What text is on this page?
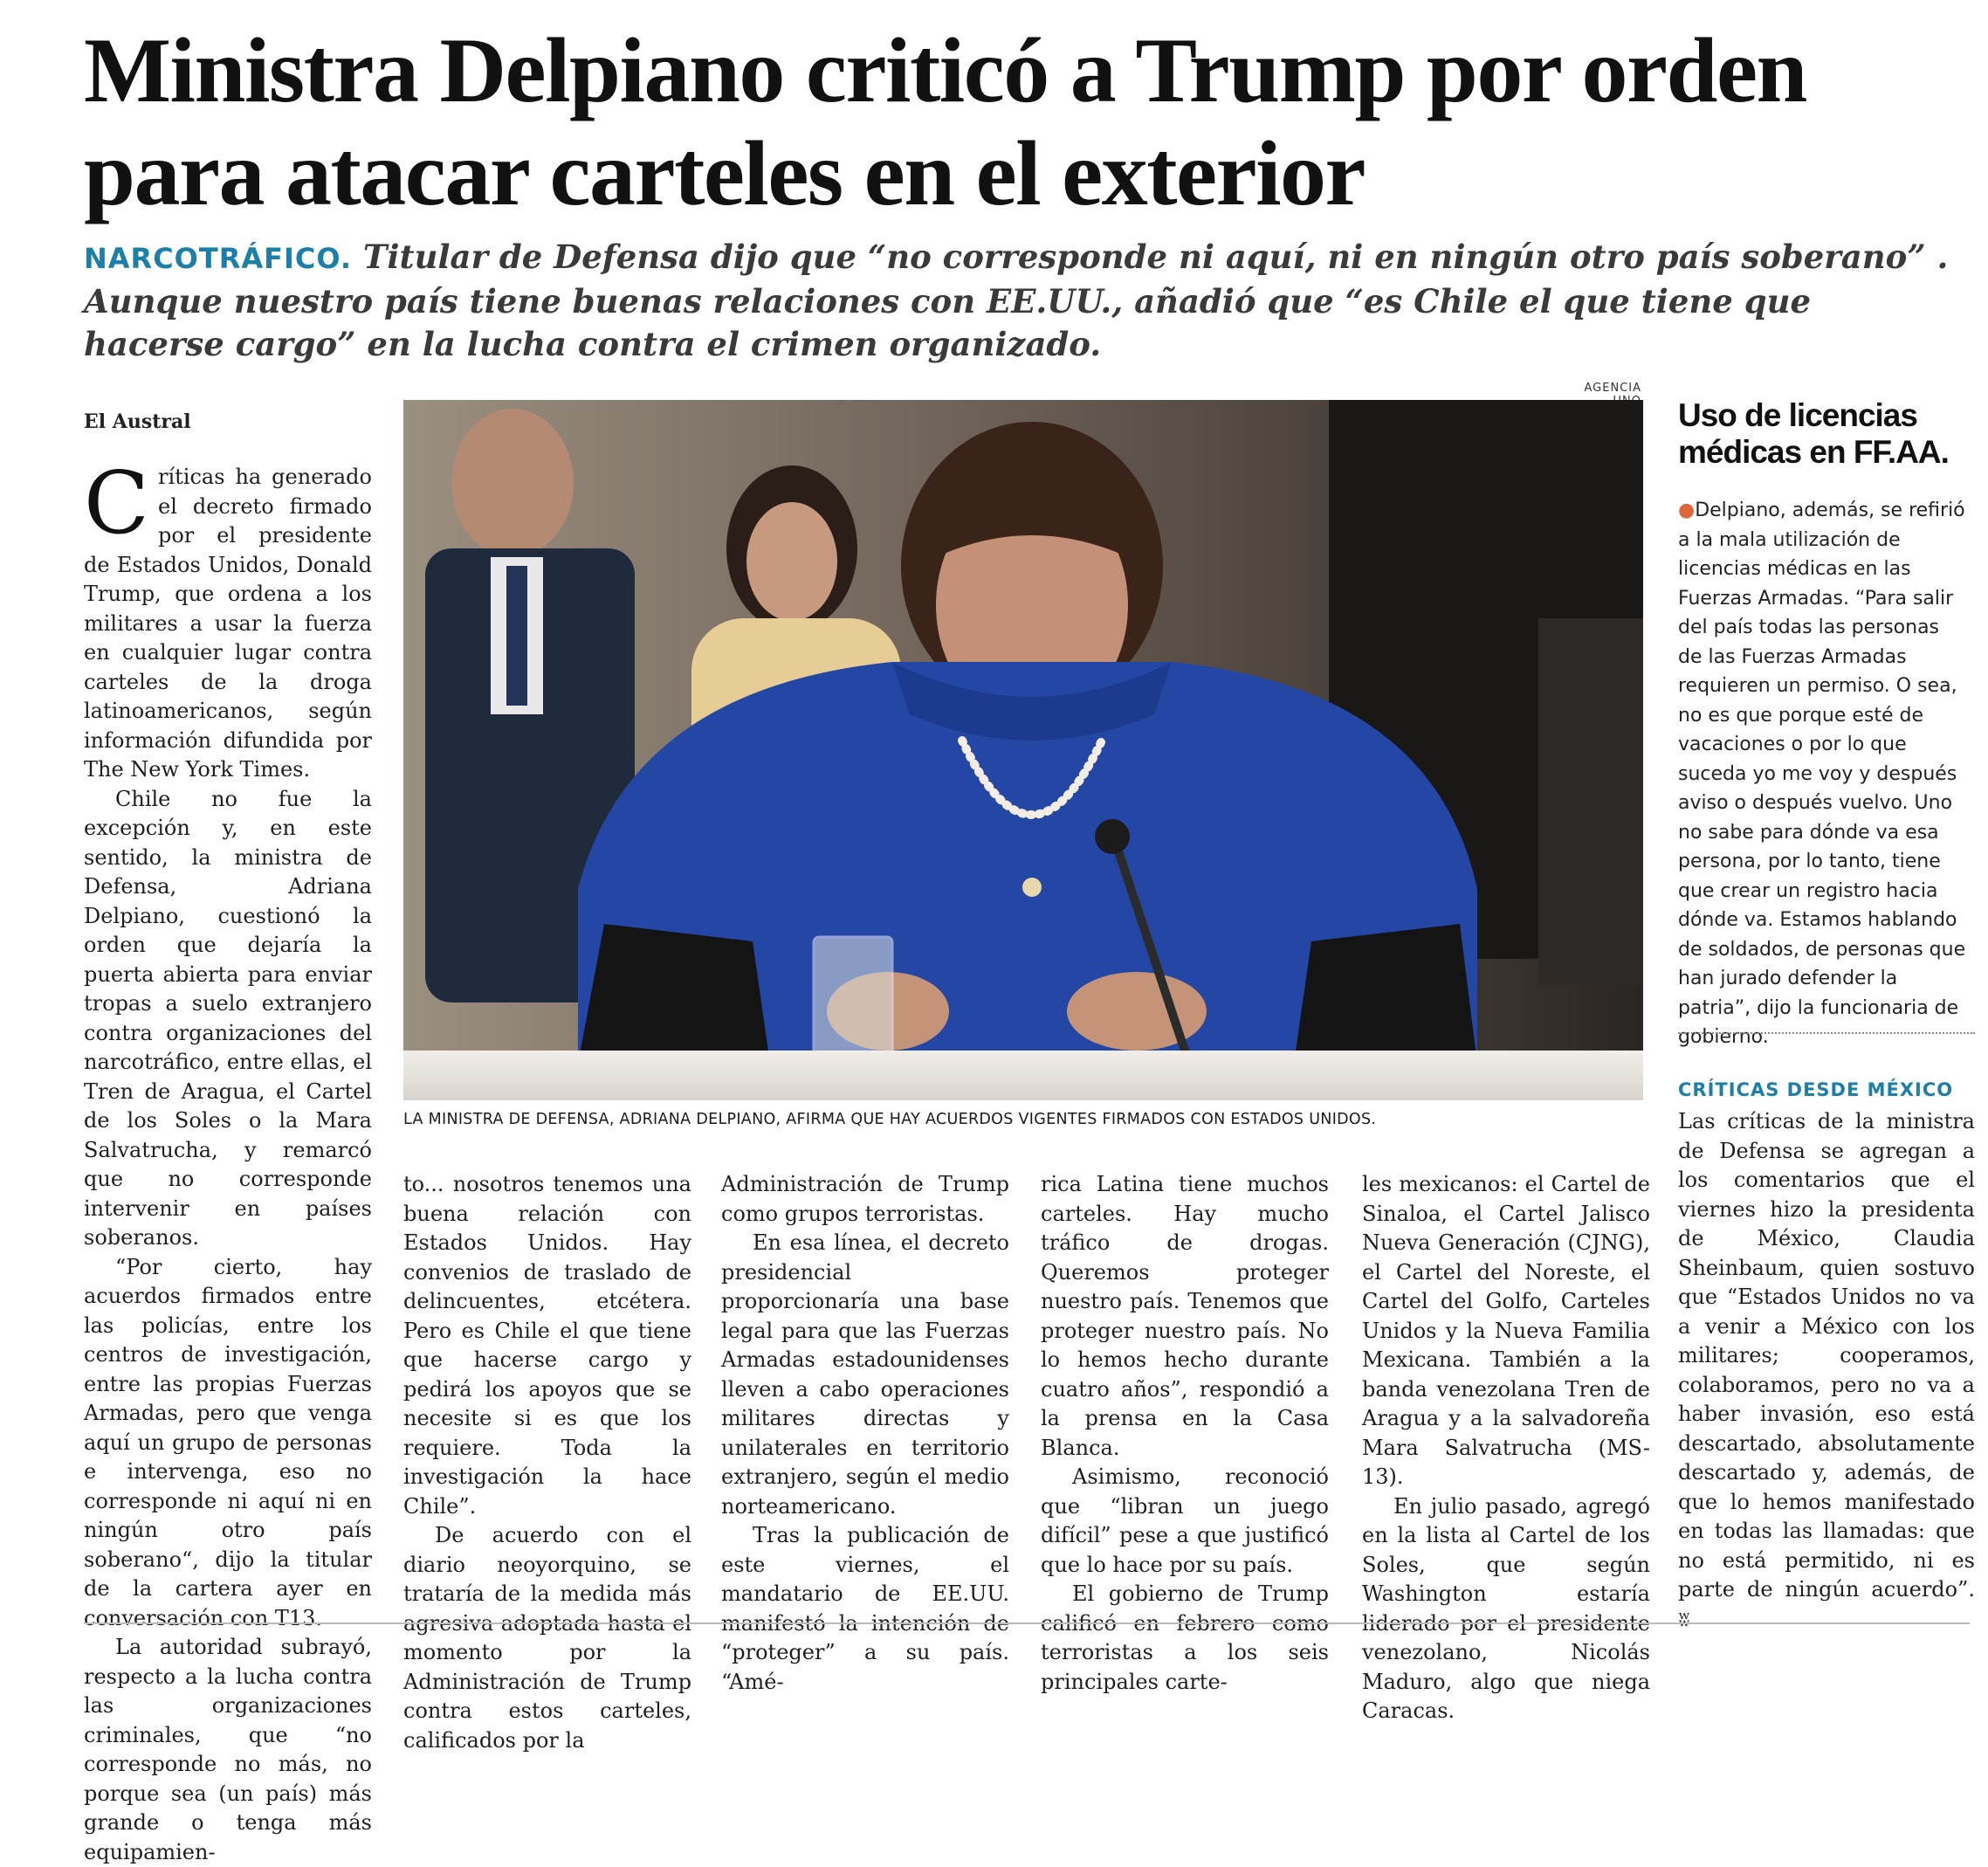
Ministra Delpiano criticó a Trump por orden para atacar carteles en el exterior

NARCOTRÁFICO. Titular de Defensa dijo que “no corresponde ni aquí, ni en ningún otro país soberano” . Aunque nuestro país tiene buenas relaciones con EE.UU., añadió que “es Chile el que tiene que hacerse cargo” en la lucha contra el crimen organizado.

AGENCIA
El Austral
LA MINISTRA DE DEFENSA, ADRIANA DELPIANO, AFIRMA QUE HAY ACUERDOS VIGENTES FIRMADOS CON ESTADOS UNIDOS.

Críticas ha generado el decreto firmado por el presidente de Estados Unidos, Donald Trump, que ordena a los militares a usar la fuerza en cualquier lugar contra carteles de la droga latinoamericanos, según información difundida por The New York Times.

Chile no fue la excepción y, en este sentido, la ministra de Defensa, Adriana Delpiano, cuestionó la orden que dejaría la puerta abierta para enviar tropas a suelo extranjero contra organizaciones del narcotráfico, entre ellas, el Tren de Aragua, el Cartel de los Soles o la Mara Salvatrucha, y remarcó que no corresponde intervenir en países soberanos.

“Por cierto, hay acuerdos firmados entre las policías, entre los centros de investigación, entre las propias Fuerzas Armadas, pero que venga aquí un grupo de personas e intervenga, eso no corresponde ni aquí ni en ningún otro país soberano“, dijo la titular de la cartera ayer en conversación con T13.

La autoridad subrayó, respecto a la lucha contra las organizaciones criminales, que “no corresponde no más, no porque sea (un país) más grande o tenga más equipamien-

to... nosotros tenemos una buena relación con Estados Unidos. Hay convenios de traslado de delincuentes, etcétera. Pero es Chile el que tiene que hacerse cargo y pedirá los apoyos que se necesite si es que los requiere. Toda la investigación la hace Chile”.

De acuerdo con el diario neoyorquino, se trataría de la medida más agresiva adoptada hasta el momento por la Administración de Trump contra estos carteles, calificados por la

Administración de Trump como grupos terroristas.

En esa línea, el decreto presidencial proporcionaría una base legal para que las Fuerzas Armadas estadounidenses lleven a cabo operaciones militares directas y unilaterales en territorio extranjero, según el medio norteamericano.

Tras la publicación de este viernes, el mandatario de EE.UU. manifestó la intención de “proteger” a su país. “Amé-

rica Latina tiene muchos carteles. Hay mucho tráfico de drogas. Queremos proteger nuestro país. Tenemos que proteger nuestro país. No lo hemos hecho durante cuatro años”, respondió a la prensa en la Casa Blanca.

Asimismo, reconoció que “libran un juego difícil” pese a que justificó que lo hace por su país.

El gobierno de Trump calificó en febrero como terroristas a los seis principales carte-

les mexicanos: el Cartel de Sinaloa, el Cartel Jalisco Nueva Generación (CJNG), el Cartel del Noreste, el Cartel del Golfo, Carteles Unidos y la Nueva Familia Mexicana. También a la banda venezolana Tren de Aragua y a la salvadoreña Mara Salvatrucha (MS-13).

En julio pasado, agregó en la lista al Cartel de los Soles, que según Washington estaría liderado por el presidente venezolano, Nicolás Maduro, algo que niega Caracas.

Uso de licencias médicas en FF.AA.
●Delpiano, además, se refirió a la mala utilización de licencias médicas en las Fuerzas Armadas. “Para salir del país todas las personas de las Fuerzas Armadas requieren un permiso. O sea, no es que porque esté de vacaciones o por lo que suceda yo me voy y después aviso o después vuelvo. Uno no sabe para dónde va esa persona, por lo tanto, tiene que crear un registro hacia dónde va. Estamos hablando de soldados, de personas que han jurado defender la patria”, dijo la funcionaria de gobierno.
CRÍTICAS DESDE MÉXICO

Las críticas de la ministra de Defensa se agregan a los comentarios que el viernes hizo la presidenta de México, Claudia Sheinbaum, quien sostuvo que “Estados Unidos no va a venir a México con los militares; cooperamos, colaboramos, pero no va a haber invasión, eso está descartado, absolutamente descartado y, además, de que lo hemos manifestado en todas las llamadas: que no está permitido, ni es parte de ningún acuerdo”. ʬ
